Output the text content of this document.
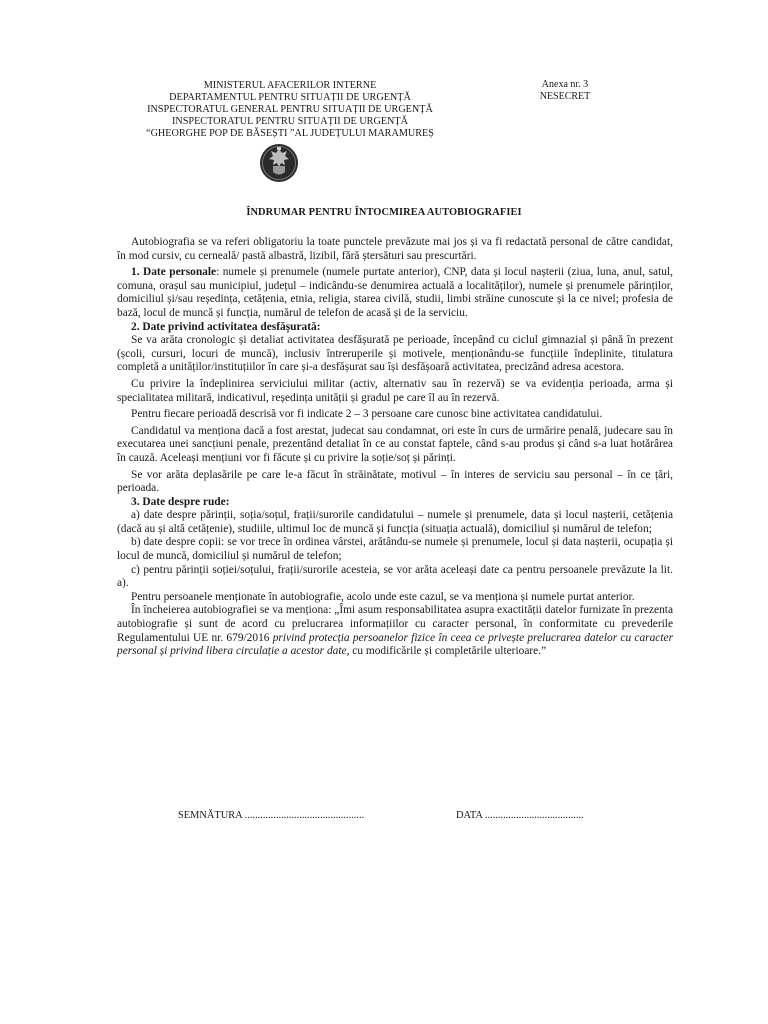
MINISTERUL AFACERILOR INTERNE
DEPARTAMENTUL PENTRU SITUAȚII DE URGENȚĂ
INSPECTORATUL GENERAL PENTRU SITUAȚII DE URGENȚĂ
INSPECTORATUL PENTRU SITUAȚII DE URGENȚĂ
“GHEORGHE POP DE BĂSEȘTI ”AL JUDEȚULUI MARAMUREȘ
Anexa nr. 3
NESECRET
ÎNDRUMAR PENTRU ÎNTOCMIREA AUTOBIOGRAFIEI

Autobiografia se va referi obligatoriu la toate punctele prevăzute mai jos și va fi redactată personal de către candidat, în mod cursiv, cu cerneală/ pastă albastră, lizibil, fără ștersături sau prescurtări.

1. Date personale: numele și prenumele (numele purtate anterior), CNP, data și locul nașterii (ziua, luna, anul, satul, comuna, orașul sau municipiul, județul – indicându-se denumirea actuală a localităților), numele și prenumele părinților, domiciliul și/sau reședința, cetățenia, etnia, religia, starea civilă, studii, limbi străine cunoscute și la ce nivel; profesia de bază, locul de muncă și funcția, numărul de telefon de acasă și de la serviciu.

2. Date privind activitatea desfășurată:

Se va arăta cronologic și detaliat activitatea desfășurată pe perioade, începând cu ciclul gimnazial și până în prezent (școli, cursuri, locuri de muncă), inclusiv întreruperile și motivele, menționându-se funcțiile îndeplinite, titulatura completă a unităților/instituțiilor în care și-a desfășurat sau își desfășoară activitatea, precizând adresa acestora.

Cu privire la îndeplinirea serviciului militar (activ, alternativ sau în rezervă) se va evidenția perioada, arma și specialitatea militară, indicativul, reședința unității și gradul pe care îl au în rezervă.

Pentru fiecare perioadă descrisă vor fi indicate 2 – 3 persoane care cunosc bine activitatea candidatului.

Candidatul va menționa dacă a fost arestat, judecat sau condamnat, ori este în curs de urmărire penală, judecare sau în executarea unei sancțiuni penale, prezentând detaliat în ce au constat faptele, când s-au produs și când s-a luat hotărârea în cauză. Aceleași mențiuni vor fi făcute și cu privire la soție/soț și părinți.

Se vor arăta deplasările pe care le-a făcut în străinătate, motivul – în interes de serviciu sau personal – în ce țări, perioada.

3. Date despre rude:

a) date despre părinții, soția/soțul, frații/surorile candidatului – numele și prenumele, data și locul nașterii, cetățenia (dacă au și altă cetățenie), studiile, ultimul loc de muncă și funcția (situația actuală), domiciliul și numărul de telefon;

b) date despre copii: se vor trece în ordinea vârstei, arătându-se numele și prenumele, locul și data nașterii, ocupația și locul de muncă, domiciliul și numărul de telefon;

c) pentru părinții soției/soțului, frații/surorile acesteia, se vor arăta aceleași date ca pentru persoanele prevăzute la lit. a).

Pentru persoanele menționate în autobiografie, acolo unde este cazul, se va menționa și numele purtat anterior.

În încheierea autobiografiei se va menționa: „Îmi asum responsabilitatea asupra exactității datelor furnizate în prezenta autobiografie și sunt de acord cu prelucrarea informațiilor cu caracter personal, în conformitate cu prevederile Regulamentului UE nr. 679/2016 privind protecția persoanelor fizice în ceea ce privește prelucrarea datelor cu caracter personal și privind libera circulație a acestor date, cu modificările și completările ulterioare.”

SEMNĂTURA ..............................................	DATA ......................................
